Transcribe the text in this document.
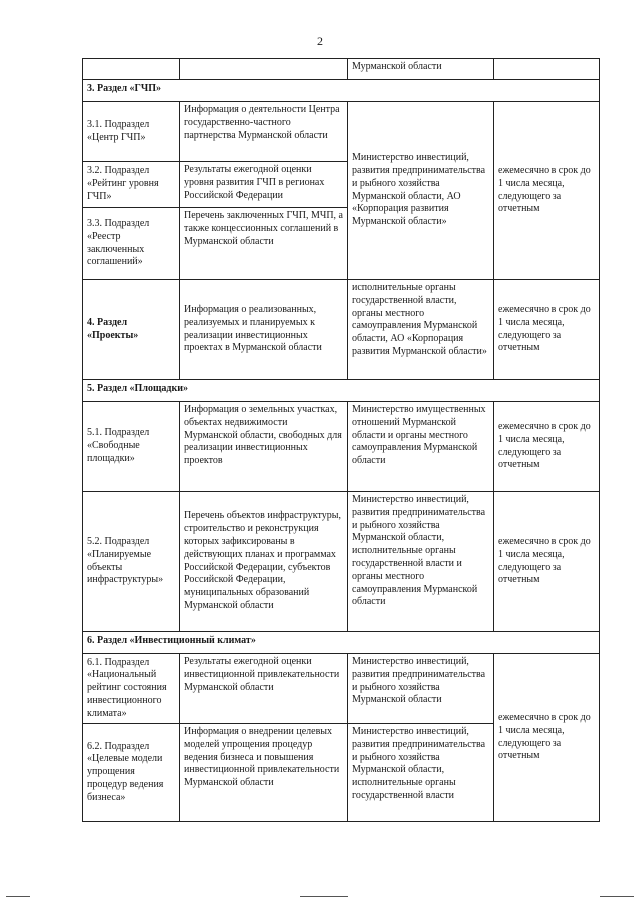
2
		Мурманской области	
3. Раздел «ГЧП»			
3.1. Подраздел «Центр ГЧП»	Информация о деятельности Центра государственно-частного партнерства Мурманской области	Министерство инвестиций, развития предпринимательства и рыбного хозяйства Мурманской области, АО «Корпорация развития Мурманской области»	ежемесячно в срок до 1 числа месяца, следующего за отчетным
3.2. Подраздел «Рейтинг уровня ГЧП»	Результаты ежегодной оценки уровня развития ГЧП в регионах Российской Федерации		
3.3. Подраздел «Реестр заключенных соглашений»	Перечень заключенных ГЧП, МЧП, а также концессионных соглашений в Мурманской области		
4. Раздел «Проекты»	Информация о реализованных, реализуемых и планируемых к реализации инвестиционных проектах в Мурманской области	исполнительные органы государственной власти, органы местного самоуправления Мурманской области, АО «Корпорация развития Мурманской области»	ежемесячно в срок до 1 числа месяца, следующего за отчетным
5. Раздел «Площадки»			
5.1. Подраздел «Свободные площадки»	Информация о земельных участках, объектах недвижимости Мурманской области, свободных для реализации инвестиционных проектов	Министерство имущественных отношений Мурманской области и органы местного самоуправления Мурманской области	ежемесячно в срок до 1 числа месяца, следующего за отчетным
5.2. Подраздел «Планируемые объекты инфраструктуры»	Перечень объектов инфраструктуры, строительство и реконструкция которых зафиксированы в действующих планах и программах Российской Федерации, субъектов Российской Федерации, муниципальных образований Мурманской области	Министерство инвестиций, развития предпринимательства и рыбного хозяйства Мурманской области, исполнительные органы государственной власти и органы местного самоуправления Мурманской области	ежемесячно в срок до 1 числа месяца, следующего за отчетным
6. Раздел «Инвестиционный климат»			
6.1. Подраздел «Национальный рейтинг состояния инвестиционного климата»	Результаты ежегодной оценки инвестиционной привлекательности Мурманской области	Министерство инвестиций, развития предпринимательства и рыбного хозяйства Мурманской области	ежемесячно в срок до 1 числа месяца, следующего за отчетным
6.2. Подраздел «Целевые модели упрощения процедур ведения бизнеса»	Информация о внедрении целевых моделей упрощения процедур ведения бизнеса и повышения инвестиционной привлекательности Мурманской области	Министерство инвестиций, развития предпринимательства и рыбного хозяйства Мурманской области, исполнительные органы государственной власти	
